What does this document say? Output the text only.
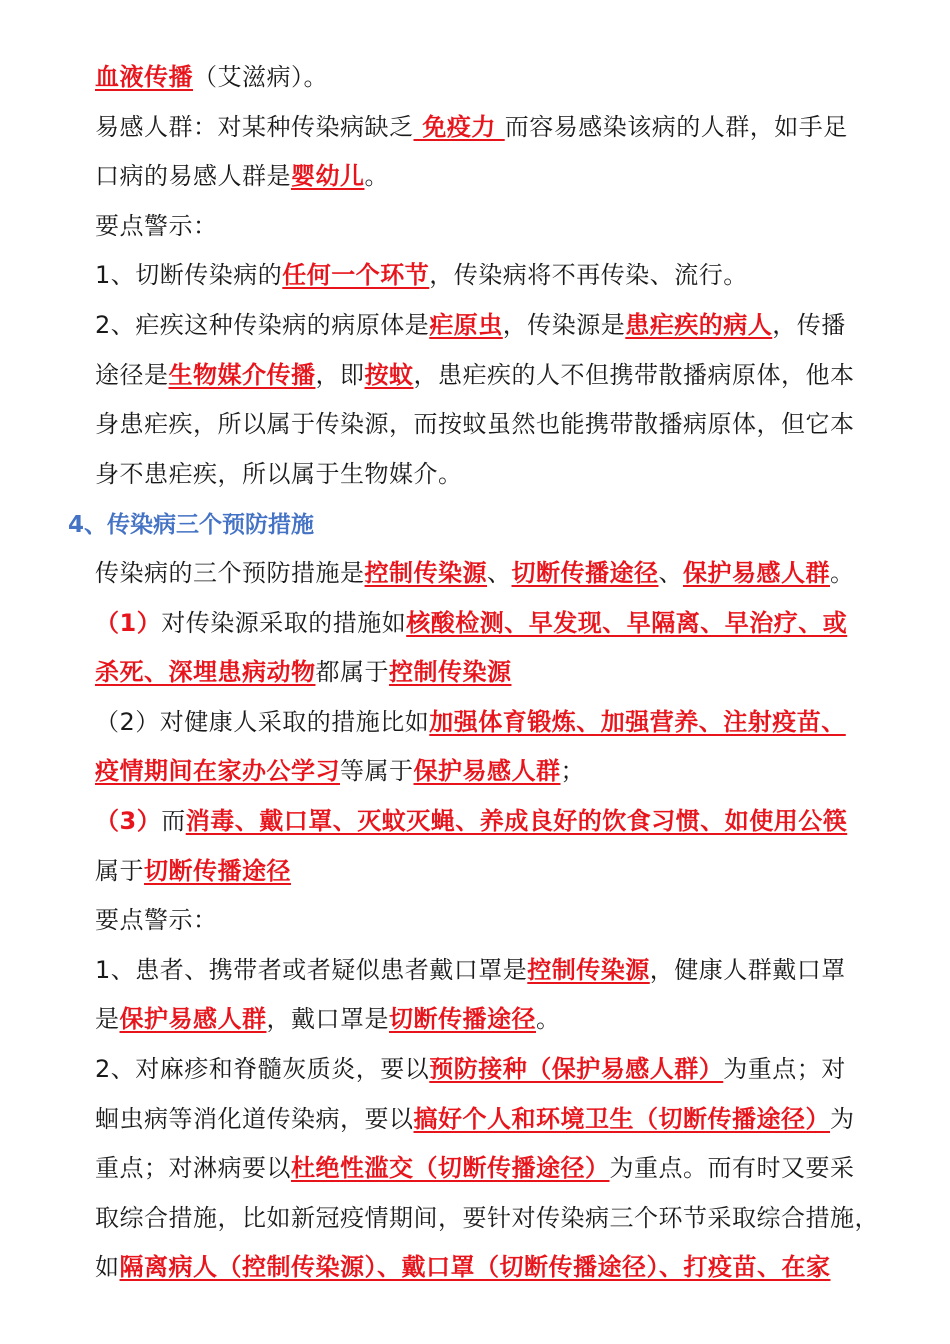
4、传染病三个预防措施
血液传播（艾滋病）。
易感人群：对某种传染病缺乏 免疫力 而容易感染该病的人群，如手足
口病的易感人群是婴幼儿。
要点警示：
1、切断传染病的任何一个环节，传染病将不再传染、流行。
2、疟疾这种传染病的病原体是疟原虫，传染源是患疟疾的病人，传播
途径是生物媒介传播，即按蚊，患疟疾的人不但携带散播病原体，他本
身患疟疾，所以属于传染源，而按蚊虽然也能携带散播病原体，但它本
身不患疟疾，所以属于生物媒介。
传染病的三个预防措施是控制传染源、切断传播途径、保护易感人群。
（1）对传染源采取的措施如核酸检测、早发现、早隔离、早治疗、或
杀死、深埋患病动物都属于控制传染源
（2）对健康人采取的措施比如加强体育锻炼、加强营养、注射疫苗、
疫情期间在家办公学习等属于保护易感人群；
（3）而消毒、戴口罩、灭蚊灭蝇、养成良好的饮食习惯、如使用公筷
属于切断传播途径
要点警示：
1、患者、携带者或者疑似患者戴口罩是控制传染源，健康人群戴口罩
是保护易感人群，戴口罩是切断传播途径。
2、对麻疹和脊髓灰质炎，要以预防接种（保护易感人群）为重点；对
蛔虫病等消化道传染病，要以搞好个人和环境卫生（切断传播途径）为
重点；对淋病要以杜绝性滥交（切断传播途径）为重点。而有时又要采
取综合措施，比如新冠疫情期间，要针对传染病三个环节采取综合措施，
如隔离病人（控制传染源）、戴口罩（切断传播途径）、打疫苗、在家
